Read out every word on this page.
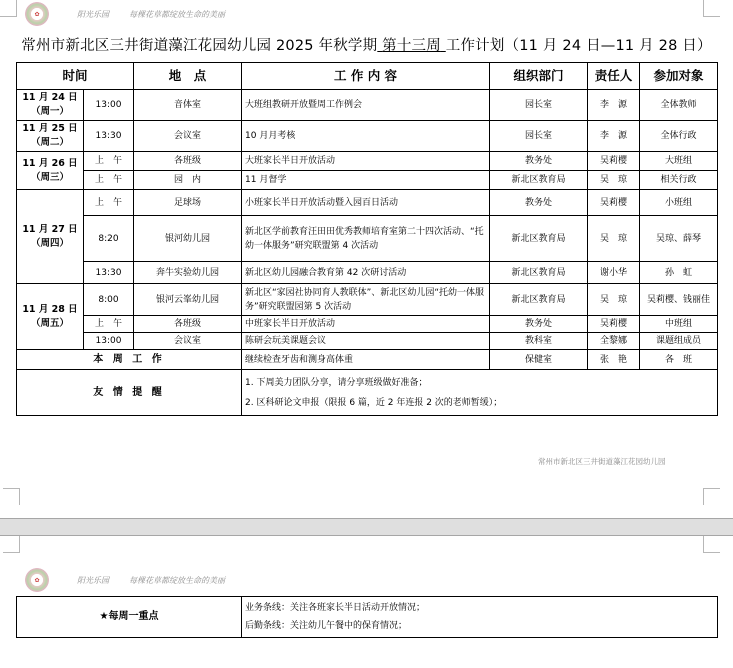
✿	阳光乐园	每棵花草都绽放生命的美丽
常州市新北区三井街道藻江花园幼儿园 2025 年秋学期 第十三周 工作计划（11 月 24 日—11 月 28 日）
时间		地　点	工 作 内 容	组织部门	责任人	参加对象
11 月 24 日
（周一）	13:00	音体室	大班组教研开放暨周工作例会	园长室	李　源	全体教师
11 月 25 日
（周二）	13:30	会议室	10 月月考核	园长室	李　源	全体行政
11 月 26 日
（周三）	上　午	各班级	大班家长半日开放活动	教务处	吴莉樱	大班组
	上　午	园　内	11 月督学	新北区教育局	吴　琼	相关行政
11 月 27 日
（周四）	上　午	足球场	小班家长半日开放活动暨入园百日活动	教务处	吴莉樱	小班组
	8:20	银河幼儿园	新北区学前教育汪田田优秀教师培育室第二十四次活动、“托幼一体服务”研究联盟第 4 次活动	新北区教育局	吴　琼	吴琼、薛琴
	13:30	奔牛实验幼儿园	新北区幼儿园融合教育第 42 次研讨活动	新北区教育局	谢小华	孙　虹
11 月 28 日
（周五）	8:00	银河云峯幼儿园	新北区“家园社协同育人教联体”、新北区幼儿园“托幼一体服务”研究联盟园第 5 次活动	新北区教育局	吴　琼	吴莉樱、钱丽佳
	上　午	各班级	中班家长半日开放活动	教务处	吴莉樱	中班组
	13:00	会议室	陈研会玩美课题会议	教科室	全黎娜	课题组成员
本 周 工 作			继续检查牙齿和测身高体重	保健室	张　艳	各　班
友 情 提 醒			1. 下周美力团队分享，请分享班级做好准备；
2. 区科研论文申报（限报 6 篇，近 2 年连报 2 次的老师暂缓）；			
常州市新北区三井街道藻江花园幼儿园
✿	阳光乐园	每棵花草都绽放生命的美丽
★每周一重点	
业务条线：关注各班家长半日活动开放情况；
后勤条线：关注幼儿午餐中的保育情况；
